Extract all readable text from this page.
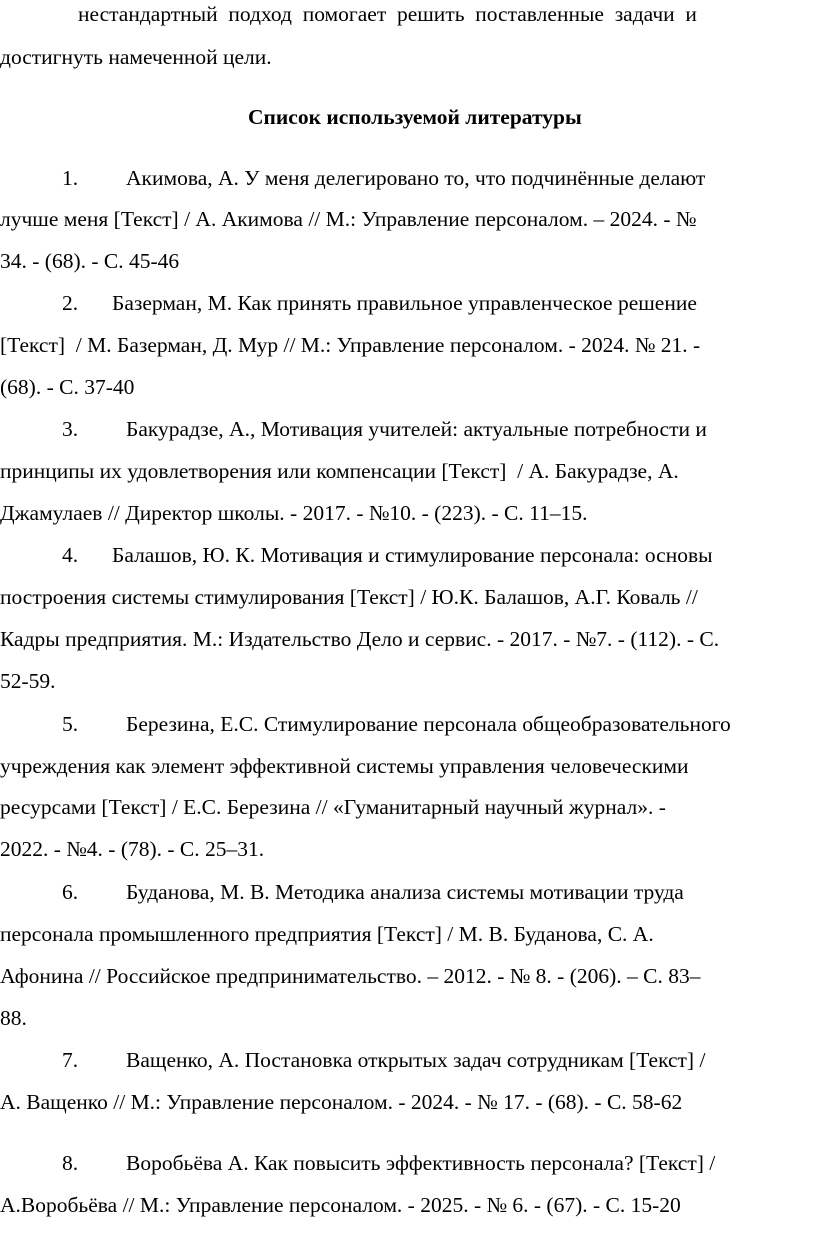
нестандартный  подход  помогает  решить  поставленные  задачи  и
достигнуть намеченной цели.
Список используемой литературы
1. Акимова, А. У меня делегировано то, что подчинённые делают
лучше меня [Текст] / А. Акимова // М.: Управление персоналом. – 2024. - №
34. - (68). - С. 45-46
2. Базерман, М. Как принять правильное управленческое решение
[Текст]  / М. Базерман, Д. Мур // М.: Управление персоналом. - 2024. № 21. -
(68). - С. 37-40
3. Бакурадзе, А., Мотивация учителей: актуальные потребности и
принципы их удовлетворения или компенсации [Текст]  / А. Бакурадзе, А.
Джамулаев // Директор школы. - 2017. - №10. - (223). - С. 11–15.
4. Балашов, Ю. К. Мотивация и стимулирование персонала: основы
построения системы стимулирования [Текст] / Ю.К. Балашов, А.Г. Коваль //
Кадры предприятия. М.: Издательство Дело и сервис. - 2017. - №7. - (112). - С.
52-59.
5. Березина, Е.С. Стимулирование персонала общеобразовательного
учреждения как элемент эффективной системы управления человеческими
ресурсами [Текст] / Е.С. Березина // «Гуманитарный научный журнал». -
2022. - №4. - (78). - С. 25–31.
6. Буданова, М. В. Методика анализа системы мотивации труда
персонала промышленного предприятия [Текст] / М. В. Буданова, С. А.
Афонина // Российское предпринимательство. – 2012. - № 8. - (206). – С. 83–
88.
7. Ващенко, А. Постановка открытых задач сотрудникам [Текст] /
А. Ващенко // М.: Управление персоналом. - 2024. - № 17. - (68). - С. 58-62
8. Воробьёва А. Как повысить эффективность персонала? [Текст] /
А.Воробьёва // М.: Управление персоналом. - 2025. - № 6. - (67). - С. 15-20
